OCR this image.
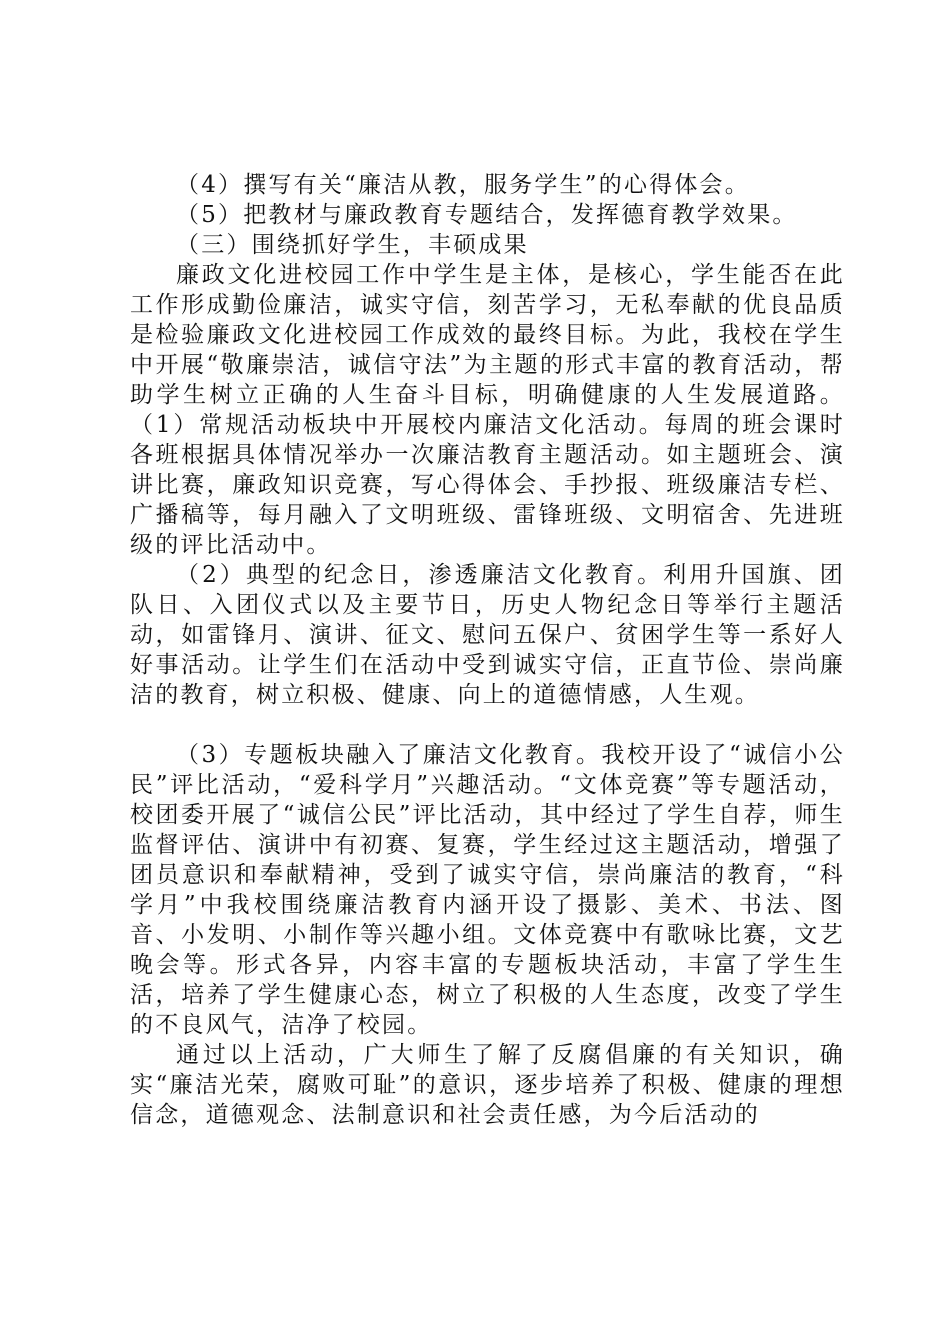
（4）撰写有关“廉洁从教，服务学生”的心得体会。

（5）把教材与廉政教育专题结合，发挥德育教学效果。

（三）围绕抓好学生，丰硕成果

廉政文化进校园工作中学生是主体，是核心，学生能否在此工作形成勤俭廉洁，诚实守信，刻苦学习，无私奉献的优良品质是检验廉政文化进校园工作成效的最终目标。为此，我校在学生中开展“敬廉崇洁，诚信守法”为主题的形式丰富的教育活动，帮助学生树立正确的人生奋斗目标，明确健康的人生发展道路。（1）常规活动板块中开展校内廉洁文化活动。每周的班会课时各班根据具体情况举办一次廉洁教育主题活动。如主题班会、演讲比赛，廉政知识竞赛，写心得体会、手抄报、班级廉洁专栏、广播稿等，每月融入了文明班级、雷锋班级、文明宿舍、先进班级的评比活动中。

（2）典型的纪念日，渗透廉洁文化教育。利用升国旗、团队日、入团仪式以及主要节日，历史人物纪念日等举行主题活动，如雷锋月、演讲、征文、慰问五保户、贫困学生等一系好人好事活动。让学生们在活动中受到诚实守信，正直节俭、崇尚廉洁的教育，树立积极、健康、向上的道德情感，人生观。

（3）专题板块融入了廉洁文化教育。我校开设了“诚信小公民”评比活动，“爱科学月”兴趣活动。“文体竞赛”等专题活动，校团委开展了“诚信公民”评比活动，其中经过了学生自荐，师生监督评估、演讲中有初赛、复赛，学生经过这主题活动，增强了团员意识和奉献精神，受到了诚实守信，崇尚廉洁的教育，“科学月”中我校围绕廉洁教育内涵开设了摄影、美术、书法、图音、小发明、小制作等兴趣小组。文体竞赛中有歌咏比赛，文艺晚会等。形式各异，内容丰富的专题板块活动，丰富了学生生活，培养了学生健康心态，树立了积极的人生态度，改变了学生的不良风气，洁净了校园。

通过以上活动，广大师生了解了反腐倡廉的有关知识，确实“廉洁光荣，腐败可耻”的意识，逐步培养了积极、健康的理想信念，道德观念、法制意识和社会责任感，为今后活动的
